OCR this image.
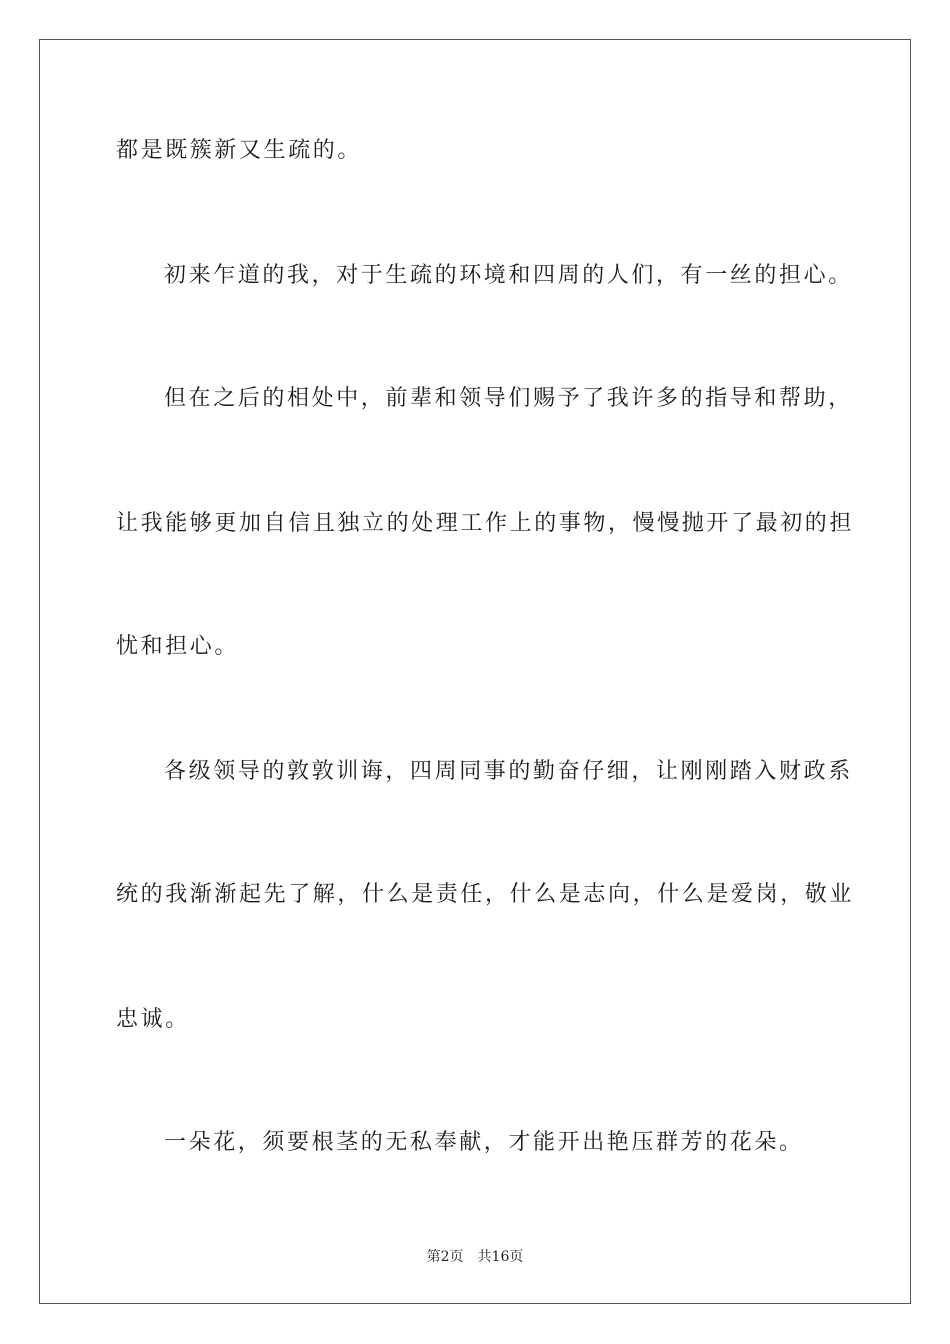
都是既簇新又生疏的。
初来乍道的我，对于生疏的环境和四周的人们，有一丝的担心。
但在之后的相处中，前辈和领导们赐予了我许多的指导和帮助，
让我能够更加自信且独立的处理工作上的事物，慢慢抛开了最初的担
忧和担心。
各级领导的敦敦训诲，四周同事的勤奋仔细，让刚刚踏入财政系
统的我渐渐起先了解，什么是责任，什么是志向，什么是爱岗，敬业
忠诚。
一朵花，须要根茎的无私奉献，才能开出艳压群芳的花朵。
第2页 共16页
